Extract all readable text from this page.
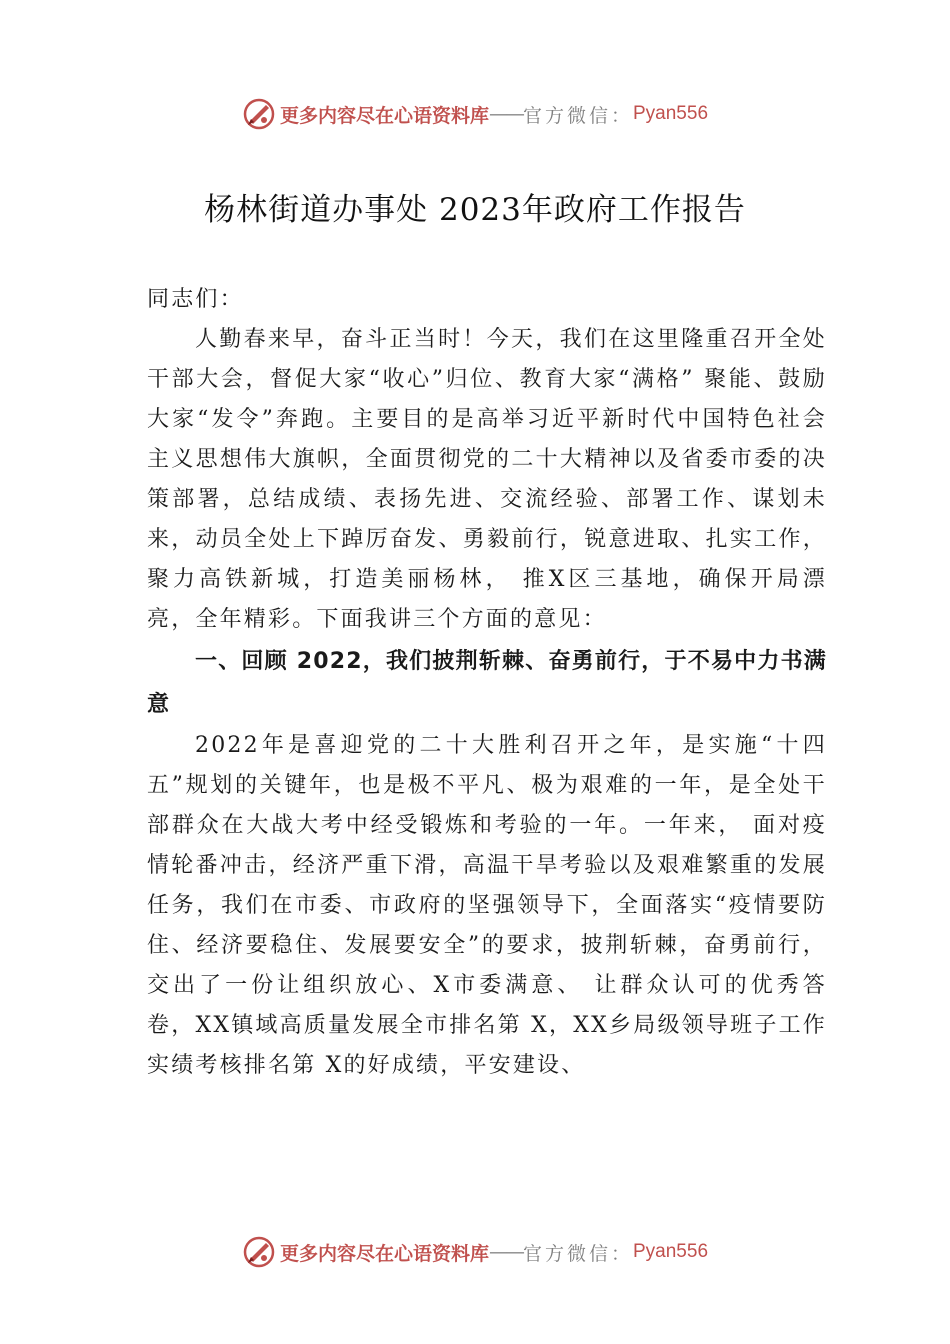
更多内容尽在心语资料库 —— 官方微信： Pyan556
杨林街道办事处 2023年政府工作报告

同志们：

人勤春来早，奋斗正当时！今天，我们在这里隆重召开全处干部大会，督促大家“收心”归位、教育大家“满格” 聚能、鼓励大家“发令”奔跑。主要目的是高举习近平新时代中国特色社会主义思想伟大旗帜，全面贯彻党的二十大精神以及省委市委的决策部署，总结成绩、表扬先进、交流经验、部署工作、谋划未来，动员全处上下踔厉奋发、勇毅前行，锐意进取、扎实工作，聚力高铁新城，打造美丽杨林， 推X区三基地，确保开局漂亮，全年精彩。下面我讲三个方面的意见：

一、回顾 2022，我们披荆斩棘、奋勇前行，于不易中力书满意

2022年是喜迎党的二十大胜利召开之年，是实施“十四五”规划的关键年，也是极不平凡、极为艰难的一年，是全处干部群众在大战大考中经受锻炼和考验的一年。一年来， 面对疫情轮番冲击，经济严重下滑，高温干旱考验以及艰难繁重的发展任务，我们在市委、市政府的坚强领导下，全面落实“疫情要防住、经济要稳住、发展要安全”的要求，披荆斩棘，奋勇前行，交出了一份让组织放心、X市委满意、 让群众认可的优秀答卷，XX镇域高质量发展全市排名第 X，XX乡局级领导班子工作实绩考核排名第 X的好成绩，平安建设、

更多内容尽在心语资料库 —— 官方微信： Pyan556
